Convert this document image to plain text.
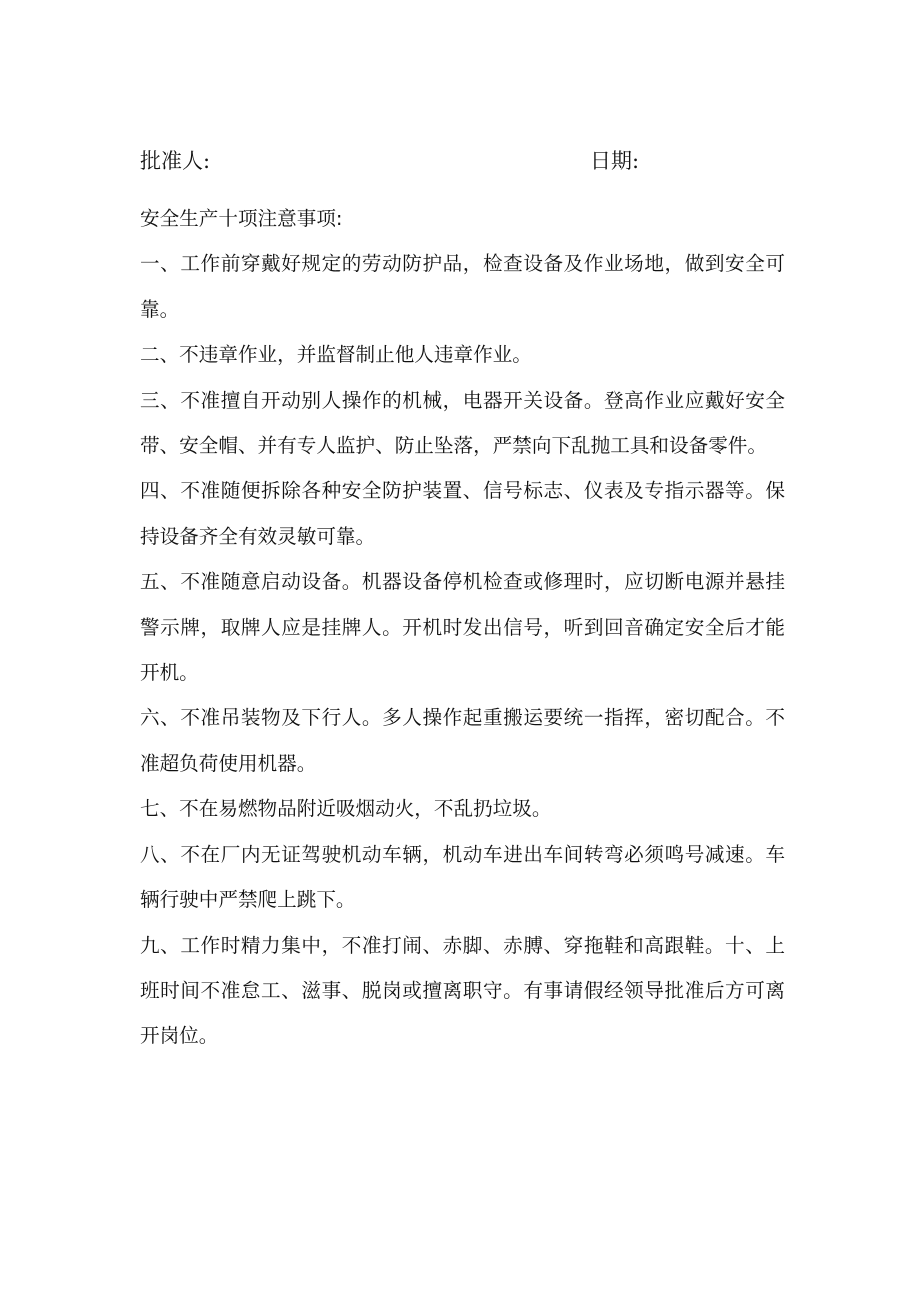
批准人:	日期:

安全生产十项注意事项:

一、工作前穿戴好规定的劳动防护品，检查设备及作业场地，做到安全可靠。

二、不违章作业，并监督制止他人违章作业。

三、不准擅自开动别人操作的机械，电器开关设备。登高作业应戴好安全带、安全帽、并有专人监护、防止坠落，严禁向下乱抛工具和设备零件。

四、不准随便拆除各种安全防护装置、信号标志、仪表及专指示器等。保持设备齐全有效灵敏可靠。

五、不准随意启动设备。机器设备停机检查或修理时，应切断电源并悬挂警示牌，取牌人应是挂牌人。开机时发出信号，听到回音确定安全后才能开机。

六、不准吊装物及下行人。多人操作起重搬运要统一指挥，密切配合。不准超负荷使用机器。

七、不在易燃物品附近吸烟动火，不乱扔垃圾。

八、不在厂内无证驾驶机动车辆，机动车进出车间转弯必须鸣号减速。车辆行驶中严禁爬上跳下。

九、工作时精力集中，不准打闹、赤脚、赤膊、穿拖鞋和高跟鞋。十、上班时间不准怠工、滋事、脱岗或擅离职守。有事请假经领导批准后方可离开岗位。
